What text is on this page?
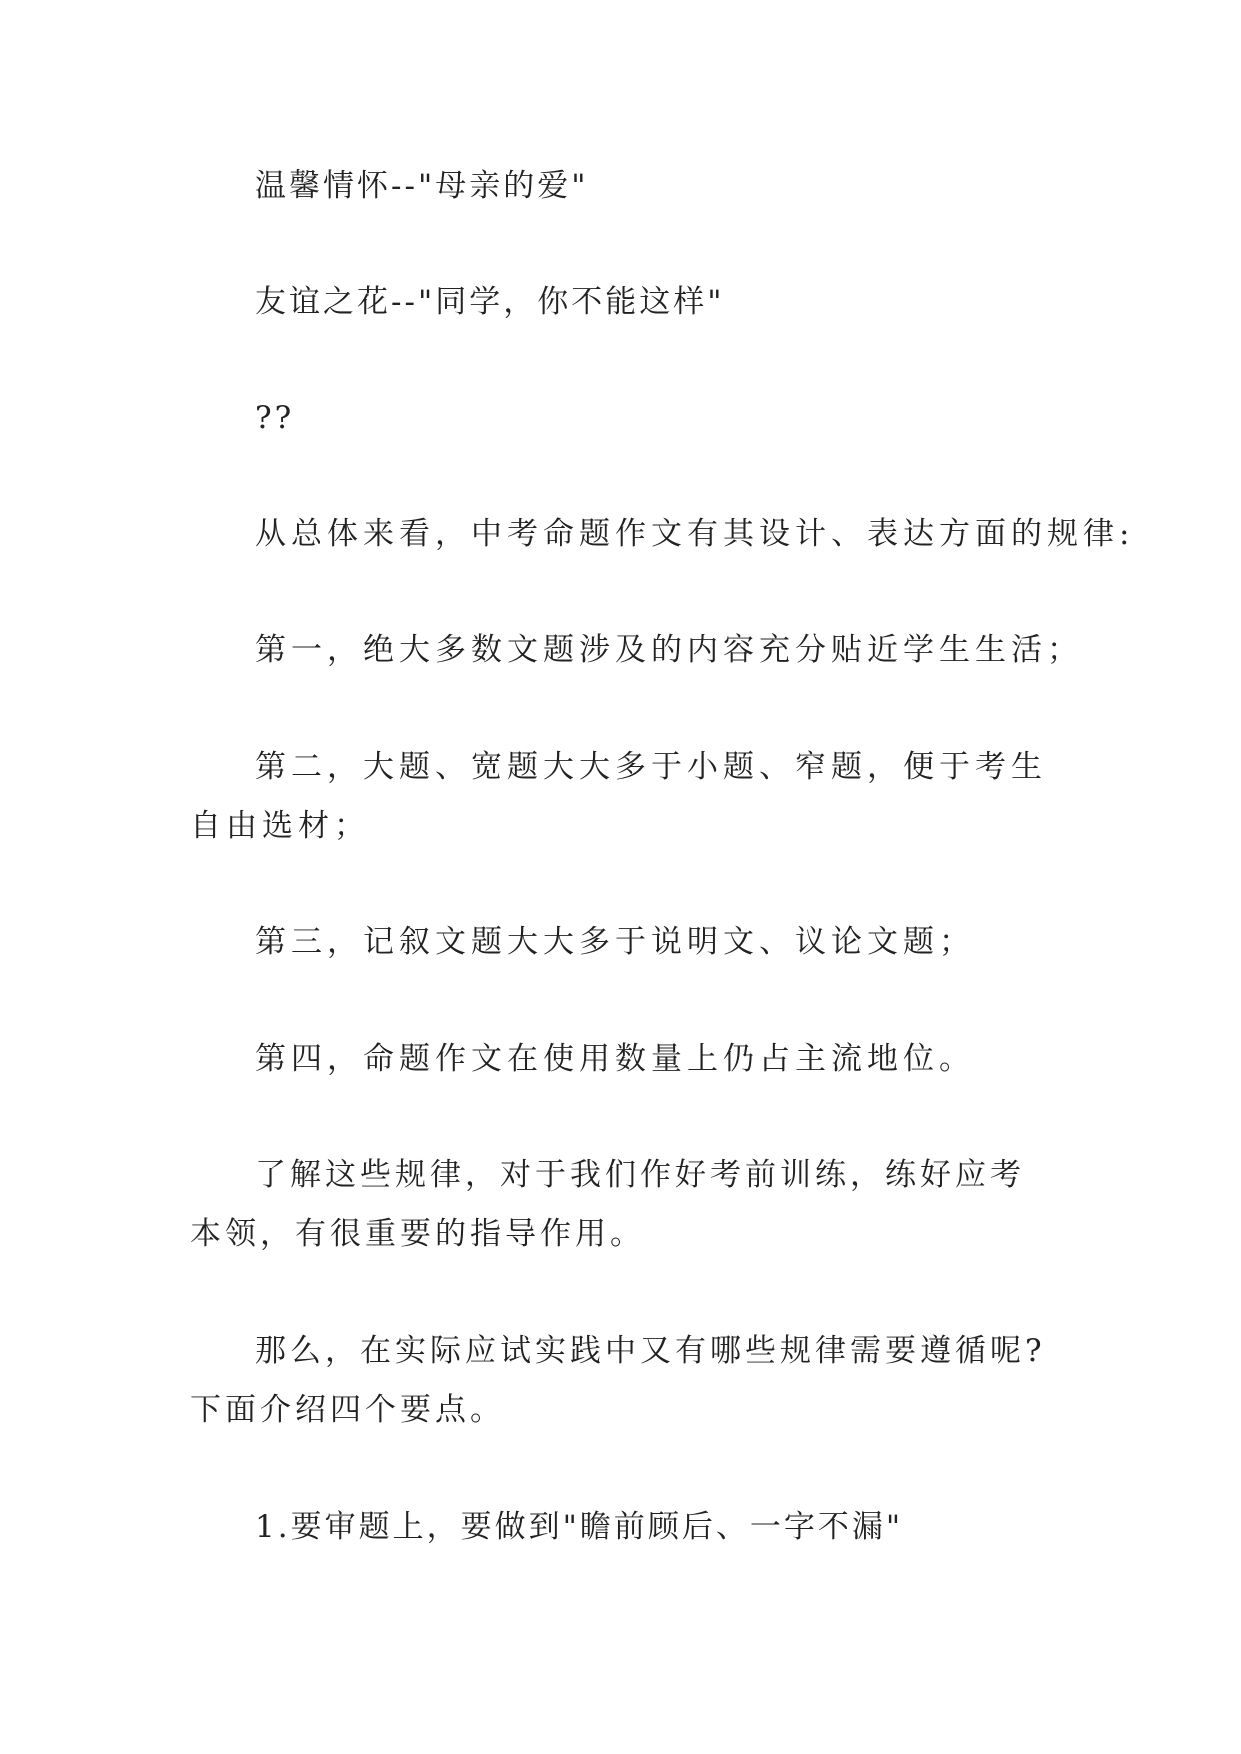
温馨情怀--"母亲的爱"

友谊之花--"同学，你不能这样"

??

从总体来看，中考命题作文有其设计、表达方面的规律:

第一，绝大多数文题涉及的内容充分贴近学生生活；

第二，大题、宽题大大多于小题、窄题，便于考生自由选材；

第三，记叙文题大大多于说明文、议论文题；

第四，命题作文在使用数量上仍占主流地位。

了解这些规律，对于我们作好考前训练，练好应考本领，有很重要的指导作用。

那么，在实际应试实践中又有哪些规律需要遵循呢?下面介绍四个要点。

1.要审题上，要做到"瞻前顾后、一字不漏"
